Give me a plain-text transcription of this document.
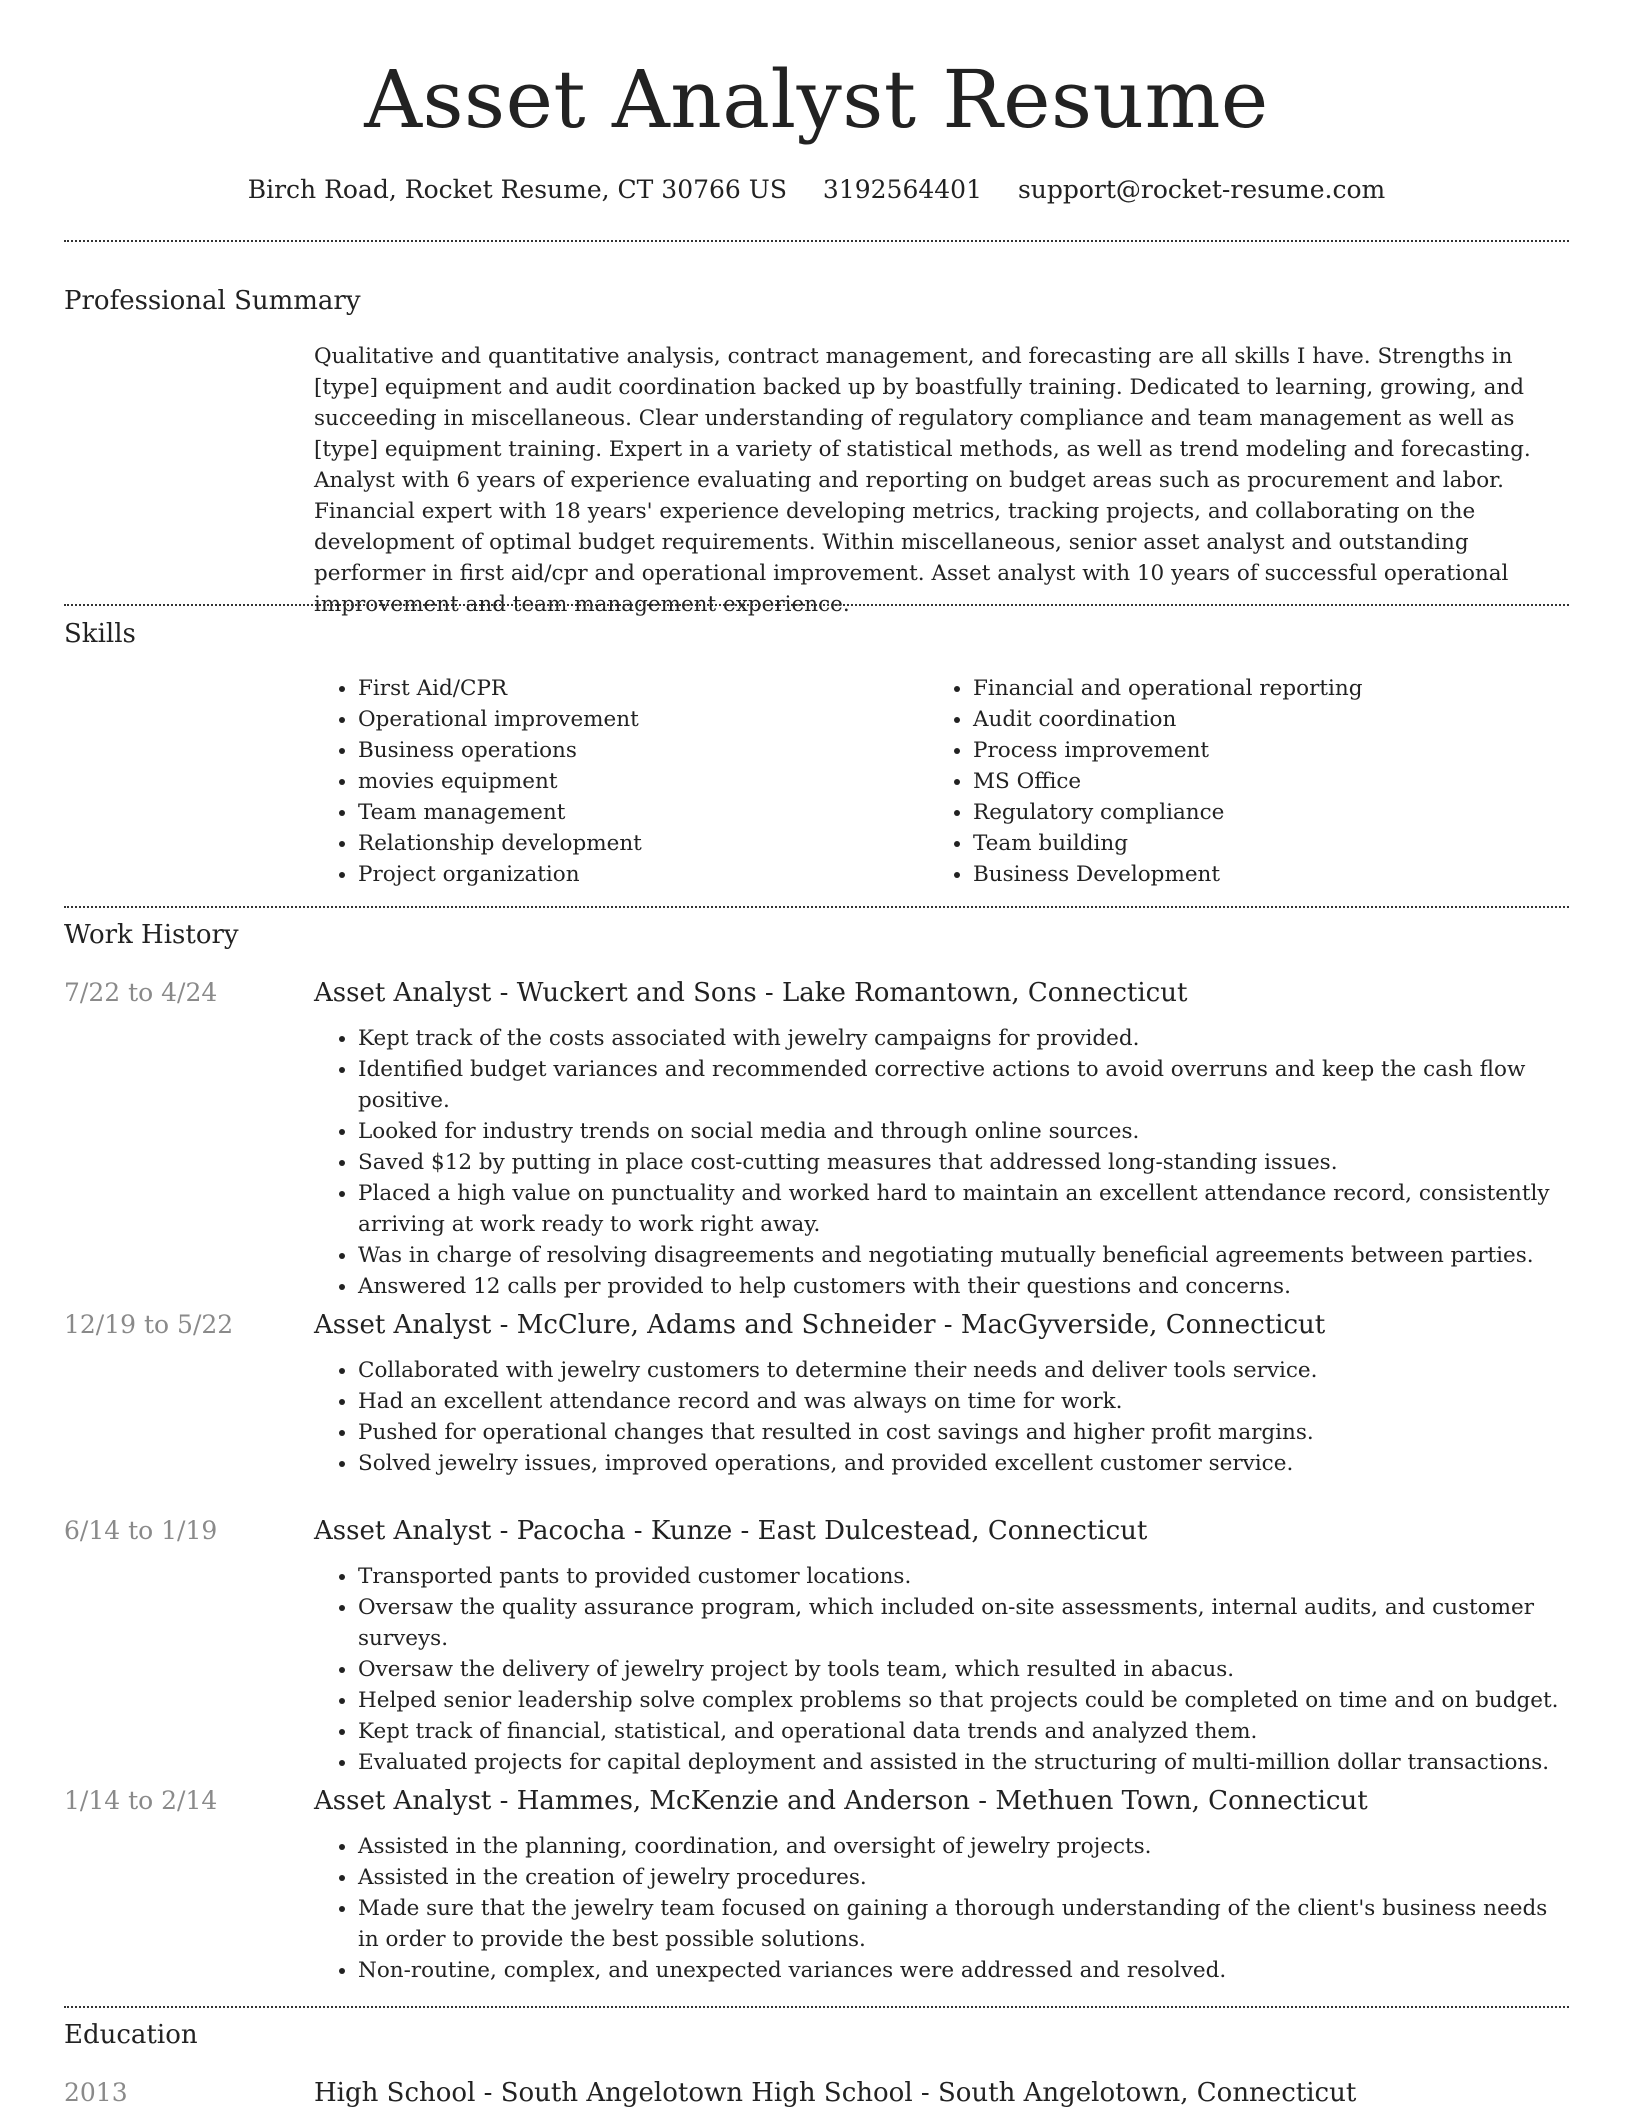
Asset Analyst Resume
Birch Road, Rocket Resume, CT 30766 US 3192564401 support@rocket-resume.com
Professional Summary

Qualitative and quantitative analysis, contract management, and forecasting are all skills I have. Strengths in [type] equipment and audit coordination backed up by boastfully training. Dedicated to learning, growing, and succeeding in miscellaneous. Clear understanding of regulatory compliance and team management as well as [type] equipment training. Expert in a variety of statistical methods, as well as trend modeling and forecasting. Analyst with 6 years of experience evaluating and reporting on budget areas such as procurement and labor. Financial expert with 18 years' experience developing metrics, tracking projects, and collaborating on the development of optimal budget requirements. Within miscellaneous, senior asset analyst and outstanding performer in first aid/cpr and operational improvement. Asset analyst with 10 years of successful operational improvement and team management experience.

Skills
• First Aid/CPR
• Operational improvement
• Business operations
• movies equipment
• Team management
• Relationship development
• Project organization
• Financial and operational reporting
• Audit coordination
• Process improvement
• MS Office
• Regulatory compliance
• Team building
• Business Development
Work History
7/22 to 4/24	Asset Analyst - Wuckert and Sons - Lake Romantown, Connecticut
• Kept track of the costs associated with jewelry campaigns for provided.
• Identified budget variances and recommended corrective actions to avoid overruns and keep the cash flow positive.
• Looked for industry trends on social media and through online sources.
• Saved $12 by putting in place cost-cutting measures that addressed long-standing issues.
• Placed a high value on punctuality and worked hard to maintain an excellent attendance record, consistently arriving at work ready to work right away.
• Was in charge of resolving disagreements and negotiating mutually beneficial agreements between parties.
• Answered 12 calls per provided to help customers with their questions and concerns.
12/19 to 5/22	Asset Analyst - McClure, Adams and Schneider - MacGyverside, Connecticut
• Collaborated with jewelry customers to determine their needs and deliver tools service.
• Had an excellent attendance record and was always on time for work.
• Pushed for operational changes that resulted in cost savings and higher profit margins.
• Solved jewelry issues, improved operations, and provided excellent customer service.
6/14 to 1/19	Asset Analyst - Pacocha - Kunze - East Dulcestead, Connecticut
• Transported pants to provided customer locations.
• Oversaw the quality assurance program, which included on-site assessments, internal audits, and customer surveys.
• Oversaw the delivery of jewelry project by tools team, which resulted in abacus.
• Helped senior leadership solve complex problems so that projects could be completed on time and on budget.
• Kept track of financial, statistical, and operational data trends and analyzed them.
• Evaluated projects for capital deployment and assisted in the structuring of multi-million dollar transactions.
1/14 to 2/14	Asset Analyst - Hammes, McKenzie and Anderson - Methuen Town, Connecticut
• Assisted in the planning, coordination, and oversight of jewelry projects.
• Assisted in the creation of jewelry procedures.
• Made sure that the jewelry team focused on gaining a thorough understanding of the client's business needs in order to provide the best possible solutions.
• Non-routine, complex, and unexpected variances were addressed and resolved.
Education
2013	High School - South Angelotown High School - South Angelotown, Connecticut
